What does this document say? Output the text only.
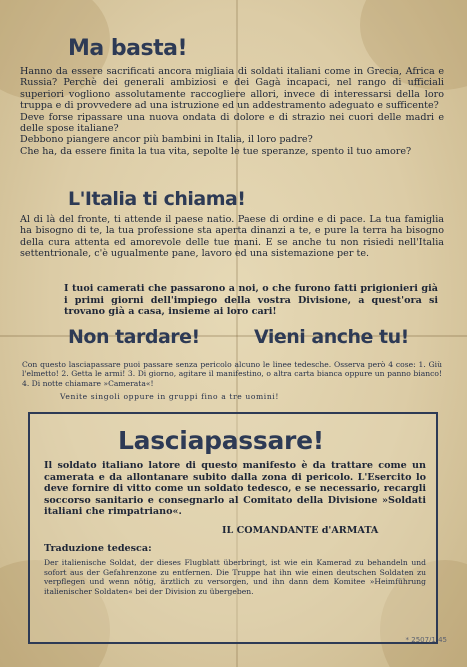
Ma basta!

Hanno da essere sacrificati ancora migliaia di soldati italiani come in Grecia, Africa e Russia? Perchè dei generali ambiziosi e dei Gagà incapaci, nel rango di ufficiali superiori vogliono assolutamente raccogliere allori, invece di interessarsi della loro truppa e di provvedere ad una istruzione ed un addestramento adeguato e sufficente?

Deve forse ripassare una nuova ondata di dolore e di strazio nei cuori delle madri e delle spose italiane?

Debbono piangere ancor più bambini in Italia, il loro padre?

Che ha, da essere finita la tua vita, sepolte le tue speranze, spento il tuo amore?

L'Italia ti chiama!
Al di là del fronte, ti attende il paese natio. Paese di ordine e di pace. La tua famiglia ha bisogno di te, la tua professione sta aperta dinanzi a te, e pure la terra ha bisogno della cura attenta ed amorevole delle tue mani. E se anche tu non risiedi nell'Italia settentrionale, c'è ugualmente pane, lavoro ed una sistemazione per te.
I tuoi camerati che passarono a noi, o che furono fatti prigionieri già i primi giorni dell'impiego della vostra Divisione, a quest'ora si trovano già a casa, insieme ai loro cari!
Non tardare!	Vieni anche tu!
Con questo lasciapassare puoi passare senza pericolo alcuno le linee tedesche. Osserva però 4 cose: 1. Giù l'elmetto! 2. Getta le armi! 3. Di giorno, agitare il manifestino, o altra carta bianca oppure un panno bianco! 4. Di notte chiamare »Camerata«!
Venite singoli oppure in gruppi fino a tre uomini!
Lasciapassare!
Il soldato italiano latore di questo manifesto è da trattare come un camerata e da allontanare subito dalla zona di pericolo. L'Esercito lo deve fornire di vitto come un soldato tedesco, e se necessario, recargli soccorso sanitario e consegnarlo al Comitato della Divisione »Soldati italiani che rimpatriano«.
IL COMANDANTE d'ARMATA
Traduzione tedesca:
Der italienische Soldat, der dieses Flugblatt überbringt, ist wie ein Kamerad zu behandeln und sofort aus der Gefahrenzone zu entfernen. Die Truppe hat ihn wie einen deutschen Soldaten zu verpflegen und wenn nötig, ärztlich zu versorgen, und ihn dann dem Komitee »Heimführung italienischer Soldaten« bei der Division zu übergeben.
* 2507/1 45
